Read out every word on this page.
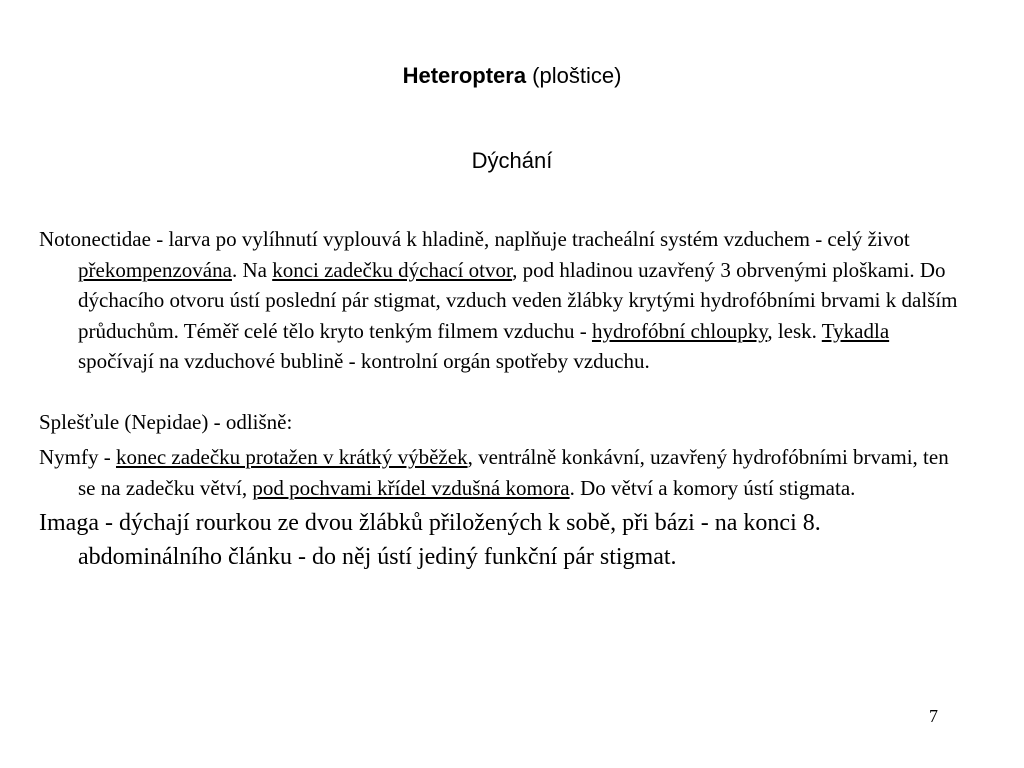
Heteroptera (ploštice)
Dýchání

Notonectidae - larva po vylíhnutí vyplouvá k hladině, naplňuje tracheální systém vzduchem - celý život překompenzována. Na konci zadečku dýchací otvor, pod hladinou uzavřený 3 obrvenými ploškami. Do dýchacího otvoru ústí poslední pár stigmat, vzduch veden žlábky krytými hydrofóbními brvami k dalším průduchům. Téměř celé tělo kryto tenkým filmem vzduchu - hydrofóbní chloupky, lesk. Tykadla spočívají na vzduchové bublině - kontrolní orgán spotřeby vzduchu.

Splešťule (Nepidae) - odlišně:

Nymfy - konec zadečku protažen v krátký výběžek, ventrálně konkávní, uzavřený hydrofóbními brvami, ten se na zadečku větví, pod pochvami křídel vzdušná komora. Do větví a komory ústí stigmata.

Imaga - dýchají rourkou ze dvou žlábků přiložených k sobě, při bázi - na konci 8. abdominálního článku - do něj ústí jediný funkční pár stigmat.

7
